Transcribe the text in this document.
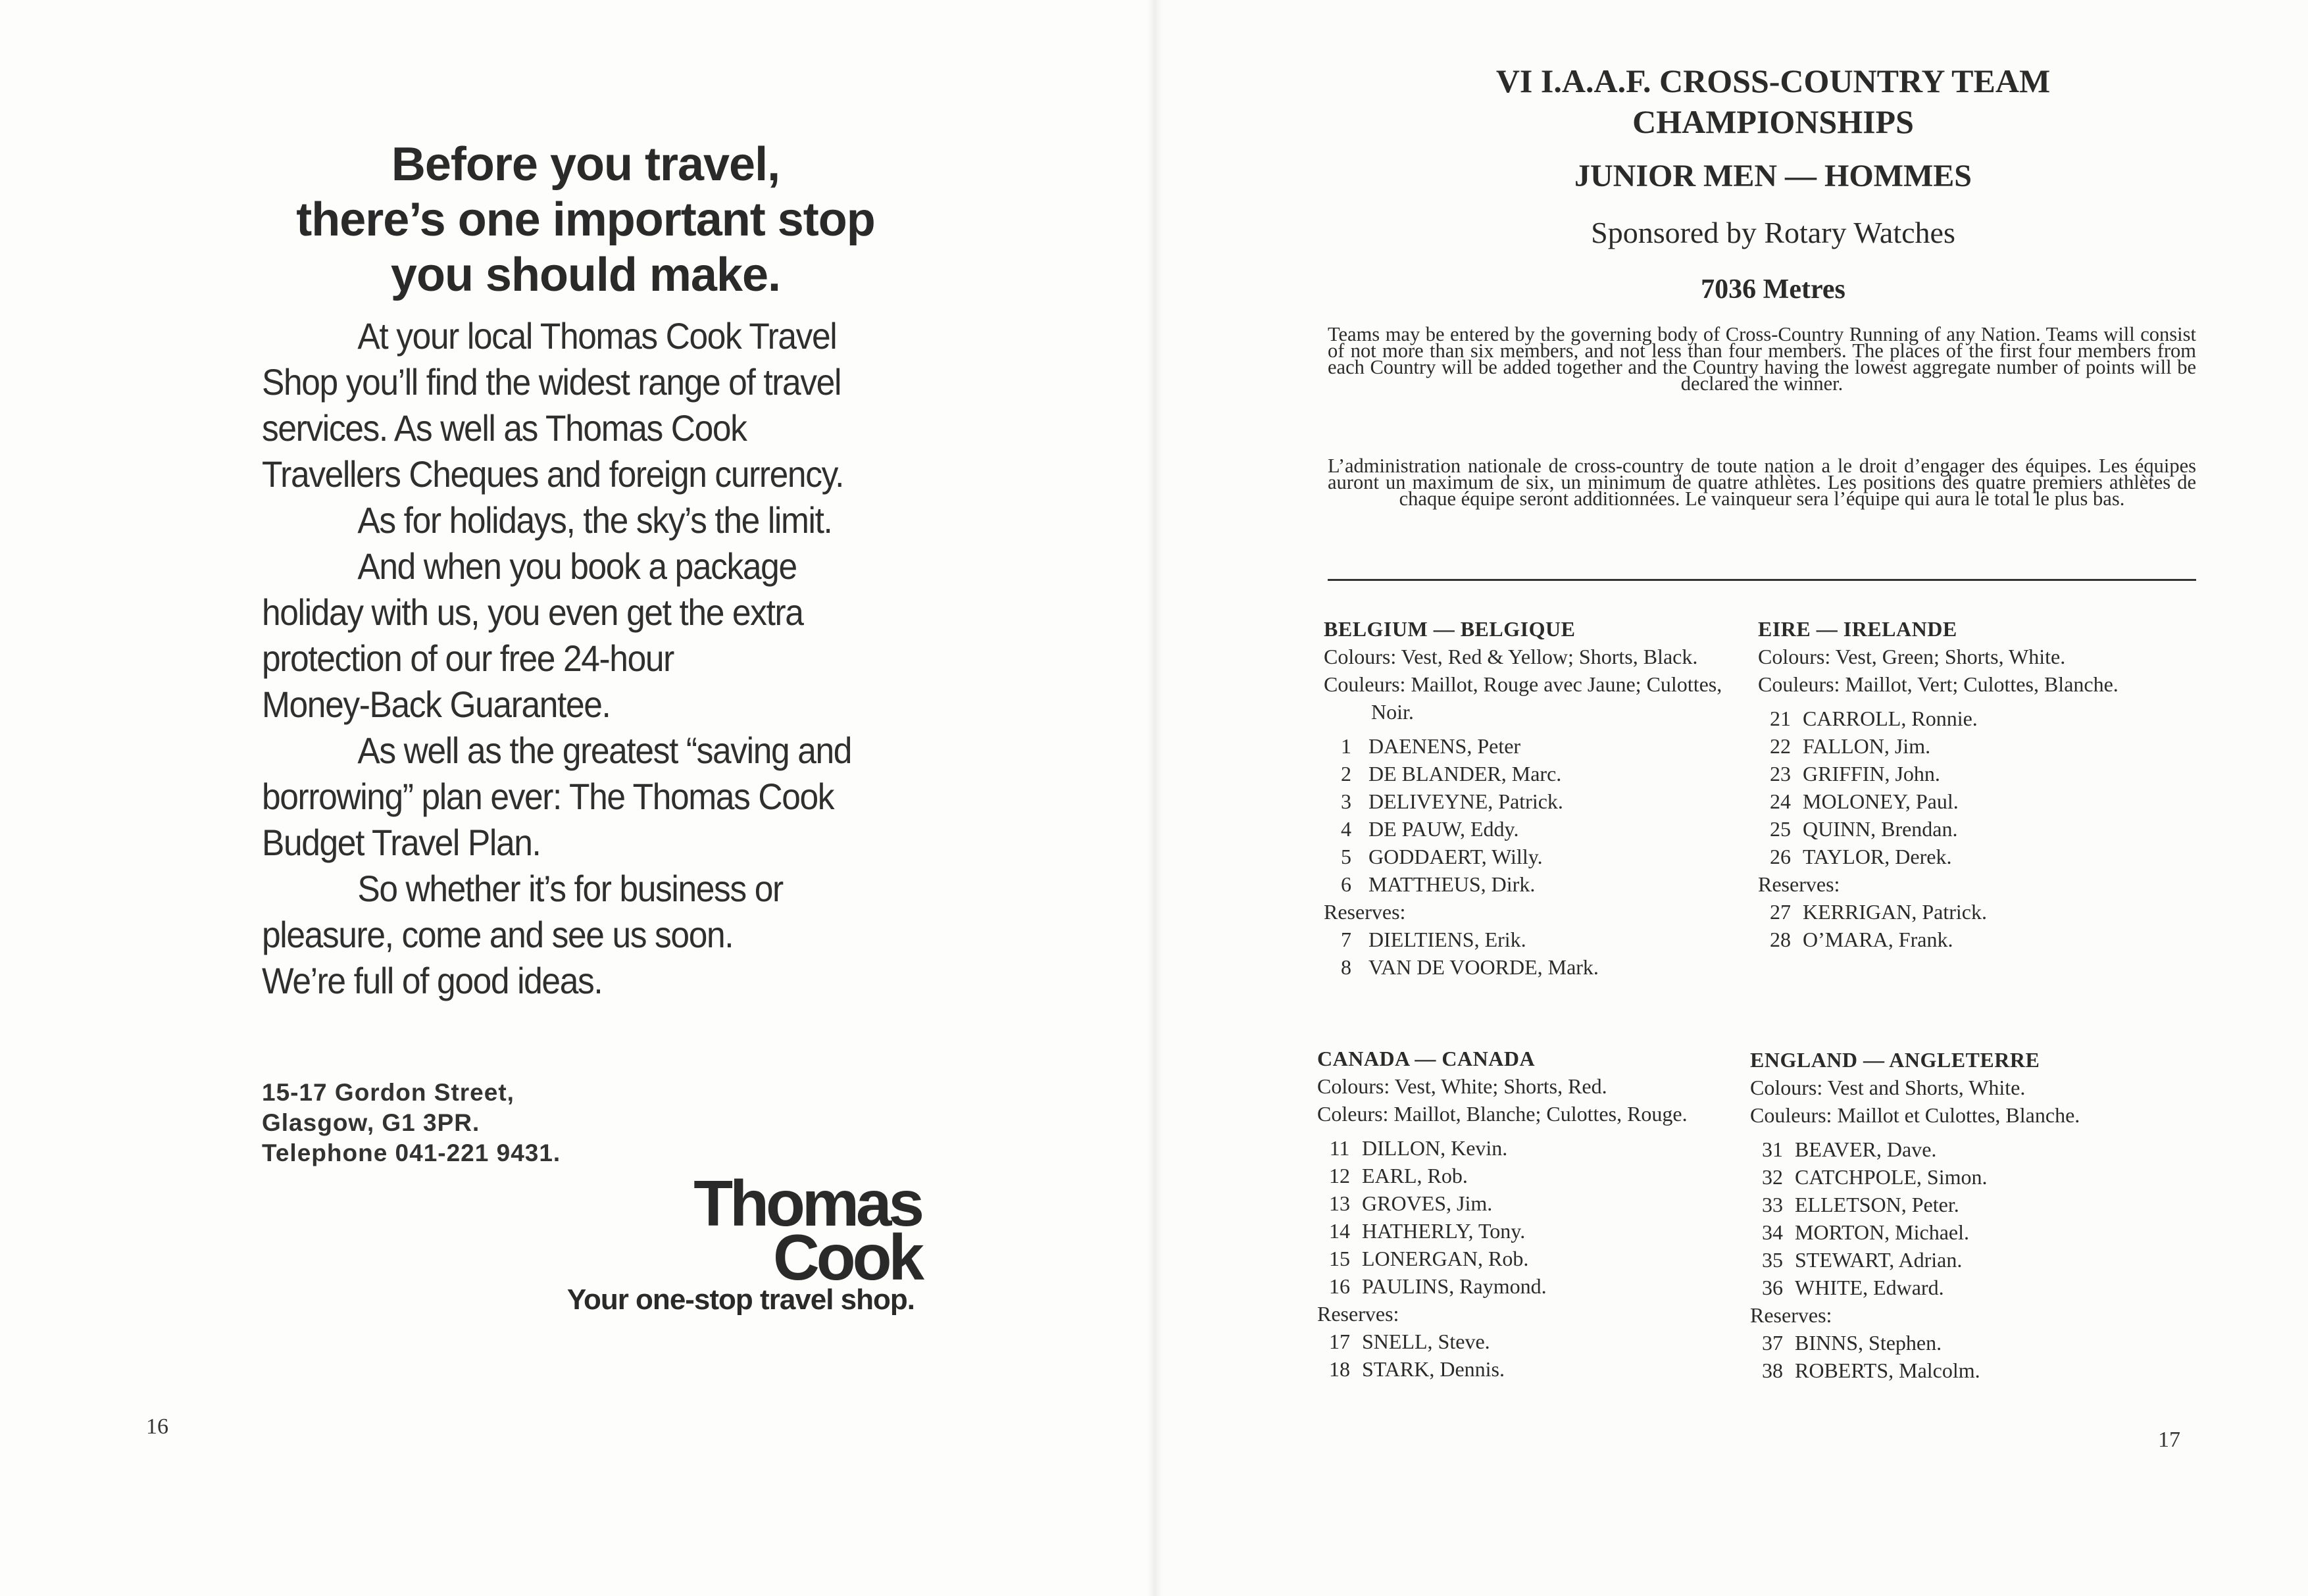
Before you travel,
there’s one important stop
you should make.
At your local Thomas Cook Travel
Shop you’ll find the widest range of travel
services. As well as Thomas Cook
Travellers Cheques and foreign currency.
As for holidays, the sky’s the limit.
And when you book a package
holiday with us, you even get the extra
protection of our free 24-hour
Money-Back Guarantee.
As well as the greatest “saving and
borrowing” plan ever: The Thomas Cook
Budget Travel Plan.
So whether it’s for business or
pleasure, come and see us soon.
We’re full of good ideas.
15-17 Gordon Street,
Glasgow, G1 3PR.
Telephone 041-221 9431.
Thomas
Cook
Your one-stop travel shop.
16
VI I.A.A.F. CROSS-COUNTRY TEAM
CHAMPIONSHIPS
JUNIOR MEN — HOMMES
Sponsored by Rotary Watches
7036 Metres
Teams may be entered by the governing body of Cross-Country Running of any Nation. Teams will consist of not more than six members, and not less than four members. The places of the first four members from each Country will be added together and the Country having the lowest aggregate number of points will be declared the winner.
L’administration nationale de cross-country de toute nation a le droit d’engager des équipes. Les équipes auront un maximum de six, un minimum de quatre athlètes. Les positions des quatre premiers athlètes de chaque équipe seront additionnées. Le vainqueur sera l’équipe qui aura le total le plus bas.
BELGIUM — BELGIQUE
Colours: Vest, Red & Yellow; Shorts, Black.
Couleurs: Maillot, Rouge avec Jaune; Culottes, Noir.
1 DAENENS, Peter
2 DE BLANDER, Marc.
3 DELIVEYNE, Patrick.
4 DE PAUW, Eddy.
5 GODDAERT, Willy.
6 MATTHEUS, Dirk.
Reserves:
7 DIELTIENS, Erik.
8 VAN DE VOORDE, Mark.
EIRE — IRELANDE
Colours: Vest, Green; Shorts, White.
Couleurs: Maillot, Vert; Culottes, Blanche.
21 CARROLL, Ronnie.
22 FALLON, Jim.
23 GRIFFIN, John.
24 MOLONEY, Paul.
25 QUINN, Brendan.
26 TAYLOR, Derek.
Reserves:
27 KERRIGAN, Patrick.
28 O’MARA, Frank.
CANADA — CANADA
Colours: Vest, White; Shorts, Red.
Coleurs: Maillot, Blanche; Culottes, Rouge.
11 DILLON, Kevin.
12 EARL, Rob.
13 GROVES, Jim.
14 HATHERLY, Tony.
15 LONERGAN, Rob.
16 PAULINS, Raymond.
Reserves:
17 SNELL, Steve.
18 STARK, Dennis.
ENGLAND — ANGLETERRE
Colours: Vest and Shorts, White.
Couleurs: Maillot et Culottes, Blanche.
31 BEAVER, Dave.
32 CATCHPOLE, Simon.
33 ELLETSON, Peter.
34 MORTON, Michael.
35 STEWART, Adrian.
36 WHITE, Edward.
Reserves:
37 BINNS, Stephen.
38 ROBERTS, Malcolm.
17
